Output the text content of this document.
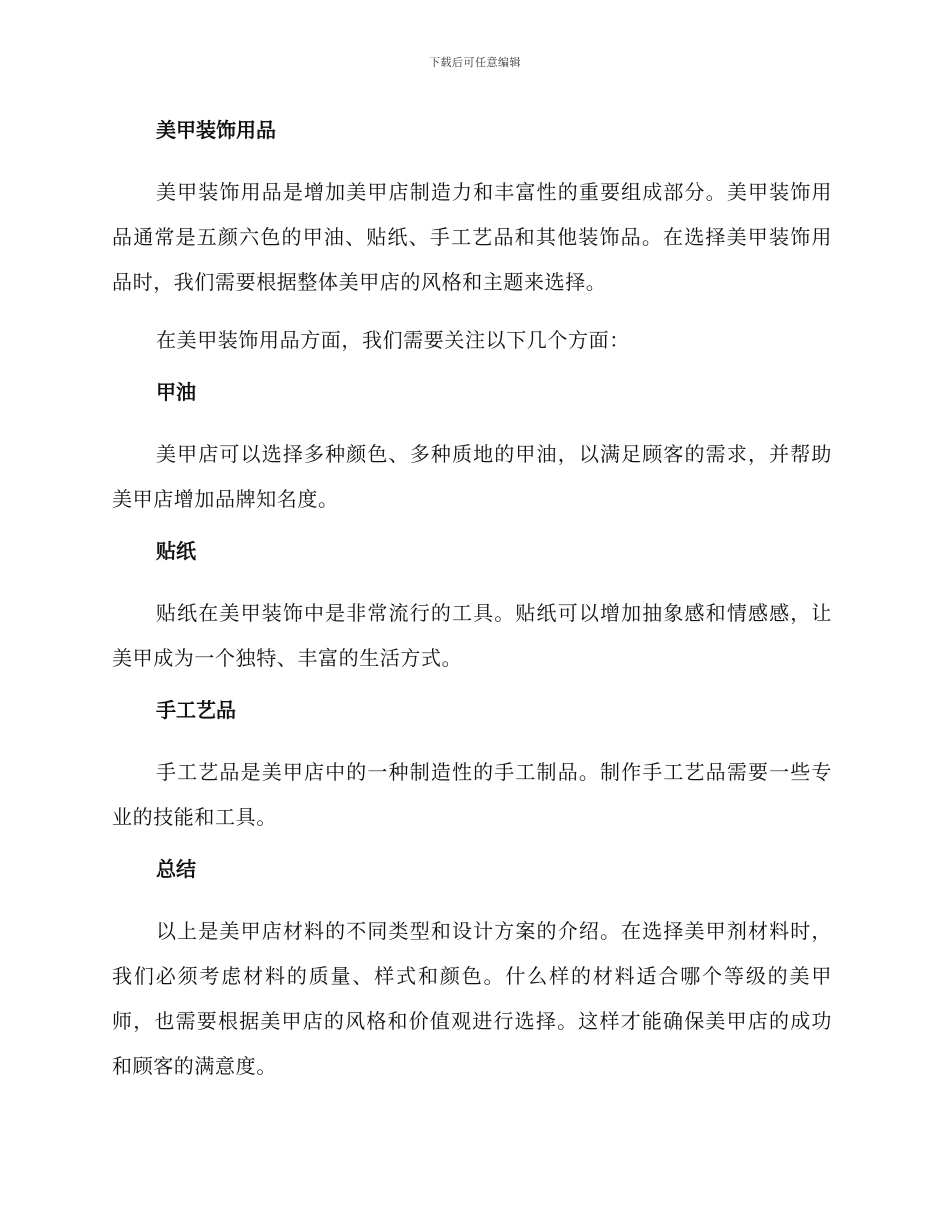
下载后可任意编辑
美甲装饰用品
美甲装饰用品是增加美甲店制造力和丰富性的重要组成部分。美甲装饰用品通常是五颜六色的甲油、贴纸、手工艺品和其他装饰品。在选择美甲装饰用品时，我们需要根据整体美甲店的风格和主题来选择。
在美甲装饰用品方面，我们需要关注以下几个方面：
甲油
美甲店可以选择多种颜色、多种质地的甲油，以满足顾客的需求，并帮助美甲店增加品牌知名度。
贴纸
贴纸在美甲装饰中是非常流行的工具。贴纸可以增加抽象感和情感感，让美甲成为一个独特、丰富的生活方式。
手工艺品
手工艺品是美甲店中的一种制造性的手工制品。制作手工艺品需要一些专业的技能和工具。
总结
以上是美甲店材料的不同类型和设计方案的介绍。在选择美甲剂材料时，我们必须考虑材料的质量、样式和颜色。什么样的材料适合哪个等级的美甲师，也需要根据美甲店的风格和价值观进行选择。这样才能确保美甲店的成功和顾客的满意度。
